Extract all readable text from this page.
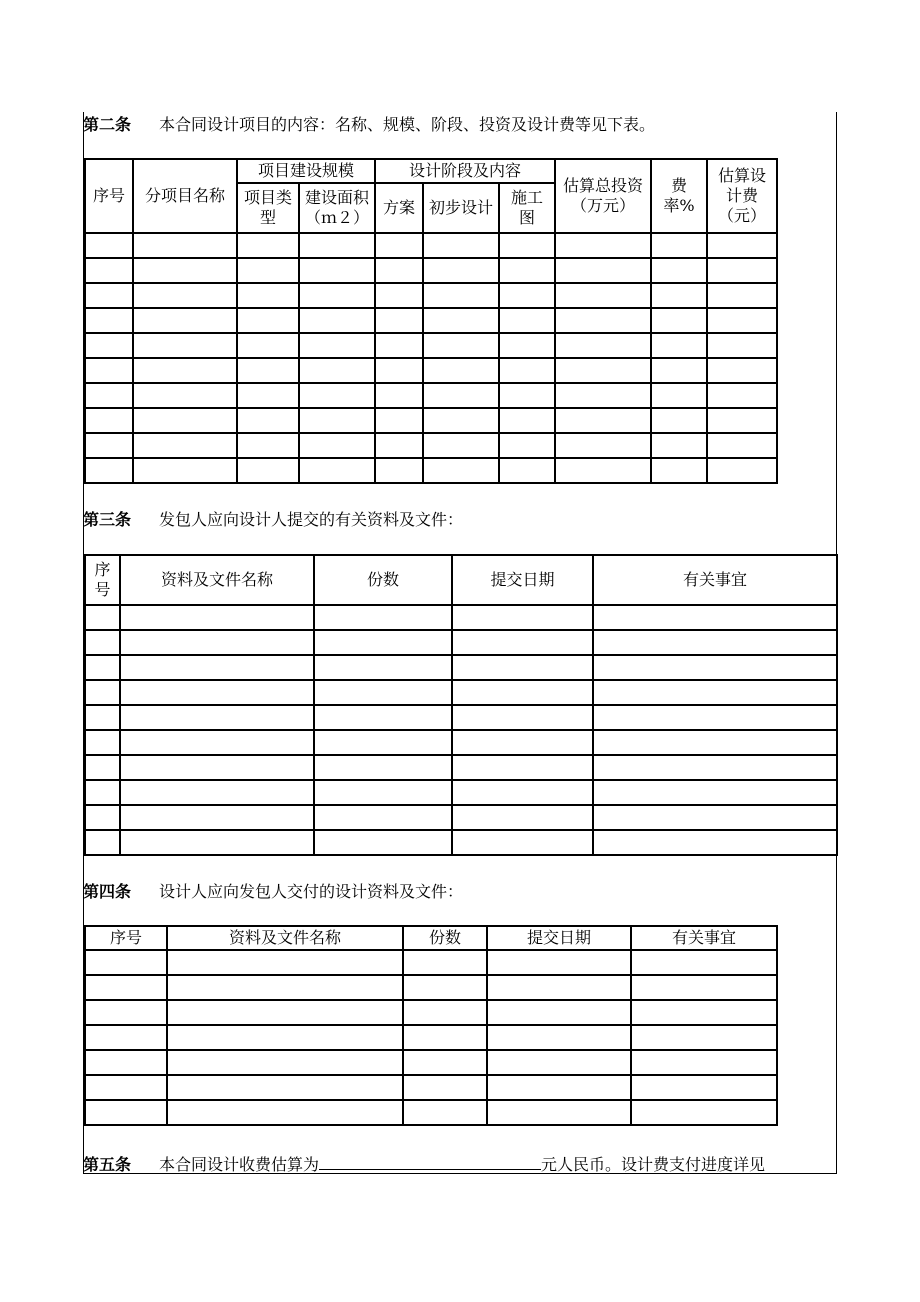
第二条 本合同设计项目的内容：名称、规模、阶段、投资及设计费等见下表。
序号	分项目名称	项目建设规模		设计阶段及内容			估算总投资（万元）	费 率%	估算设计费（元）
		项目类型	建设面积（ｍ２）	方案	初步设计	施工图			

第三条 发包人应向设计人提交的有关资料及文件：
序号	资料及文件名称	份数	提交日期	有关事宜

第四条 设计人应向发包人交付的设计资料及文件：
序号	资料及文件名称	份数	提交日期	有关事宜

第五条 本合同设计收费估算为	元人民币。设计费支付进度详见
